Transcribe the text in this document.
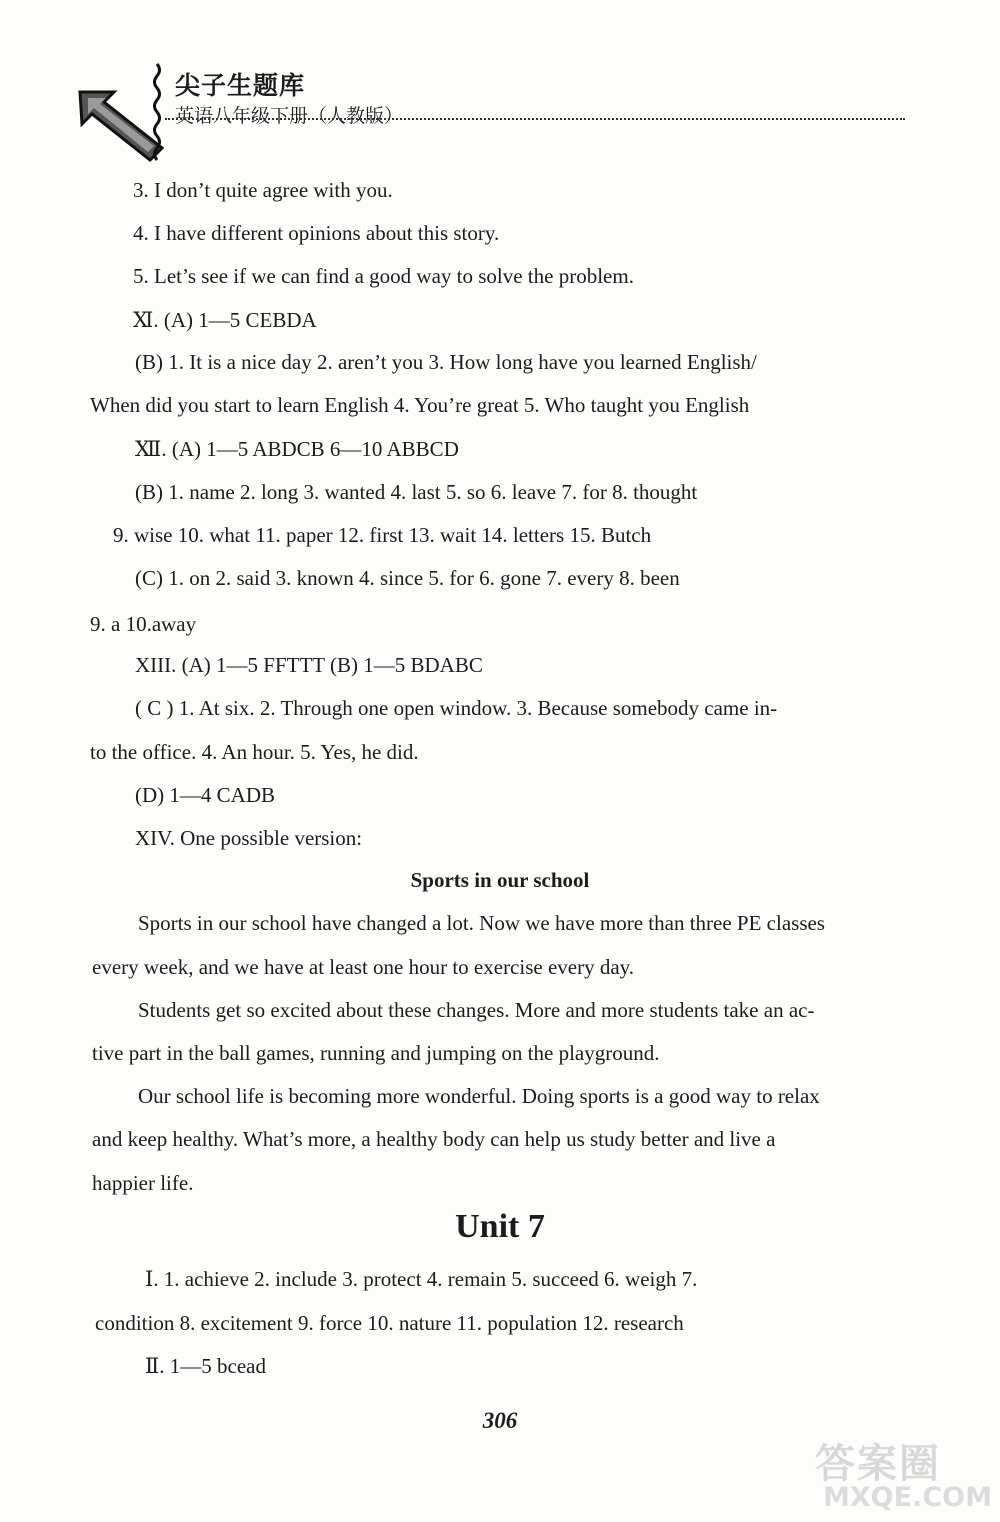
尖子生题库
英语八年级下册（人教版）
3. I don’t quite agree with you.
4. I have different opinions about this story.
5. Let’s see if we can find a good way to solve the problem.
Ⅺ. (A) 1—5 CEBDA
(B) 1. It is a nice day 2. aren’t you 3. How long have you learned English/
When did you start to learn English 4. You’re great 5. Who taught you English
Ⅻ. (A) 1—5 ABDCB 6—10 ABBCD
(B) 1. name 2. long 3. wanted 4. last 5. so 6. leave 7. for 8. thought
9. wise 10. what 11. paper 12. first 13. wait 14. letters 15. Butch
(C) 1. on 2. said 3. known 4. since 5. for 6. gone 7. every 8. been
9. a 10.away
XIII. (A) 1—5 FFTTT (B) 1—5 BDABC
( C ) 1. At six. 2. Through one open window. 3. Because somebody came in-
to the office. 4. An hour. 5. Yes, he did.
(D) 1—4 CADB
XIV. One possible version:
Sports in our school
Sports in our school have changed a lot. Now we have more than three PE classes
every week, and we have at least one hour to exercise every day.
Students get so excited about these changes. More and more students take an ac-
tive part in the ball games, running and jumping on the playground.
Our school life is becoming more wonderful. Doing sports is a good way to relax
and keep healthy. What’s more, a healthy body can help us study better and live a
happier life.
Unit 7
Ⅰ. 1. achieve 2. include 3. protect 4. remain 5. succeed 6. weigh 7.
condition 8. excitement 9. force 10. nature 11. population 12. research
Ⅱ. 1—5 bcead
306
答案圈
MXQE.COM
